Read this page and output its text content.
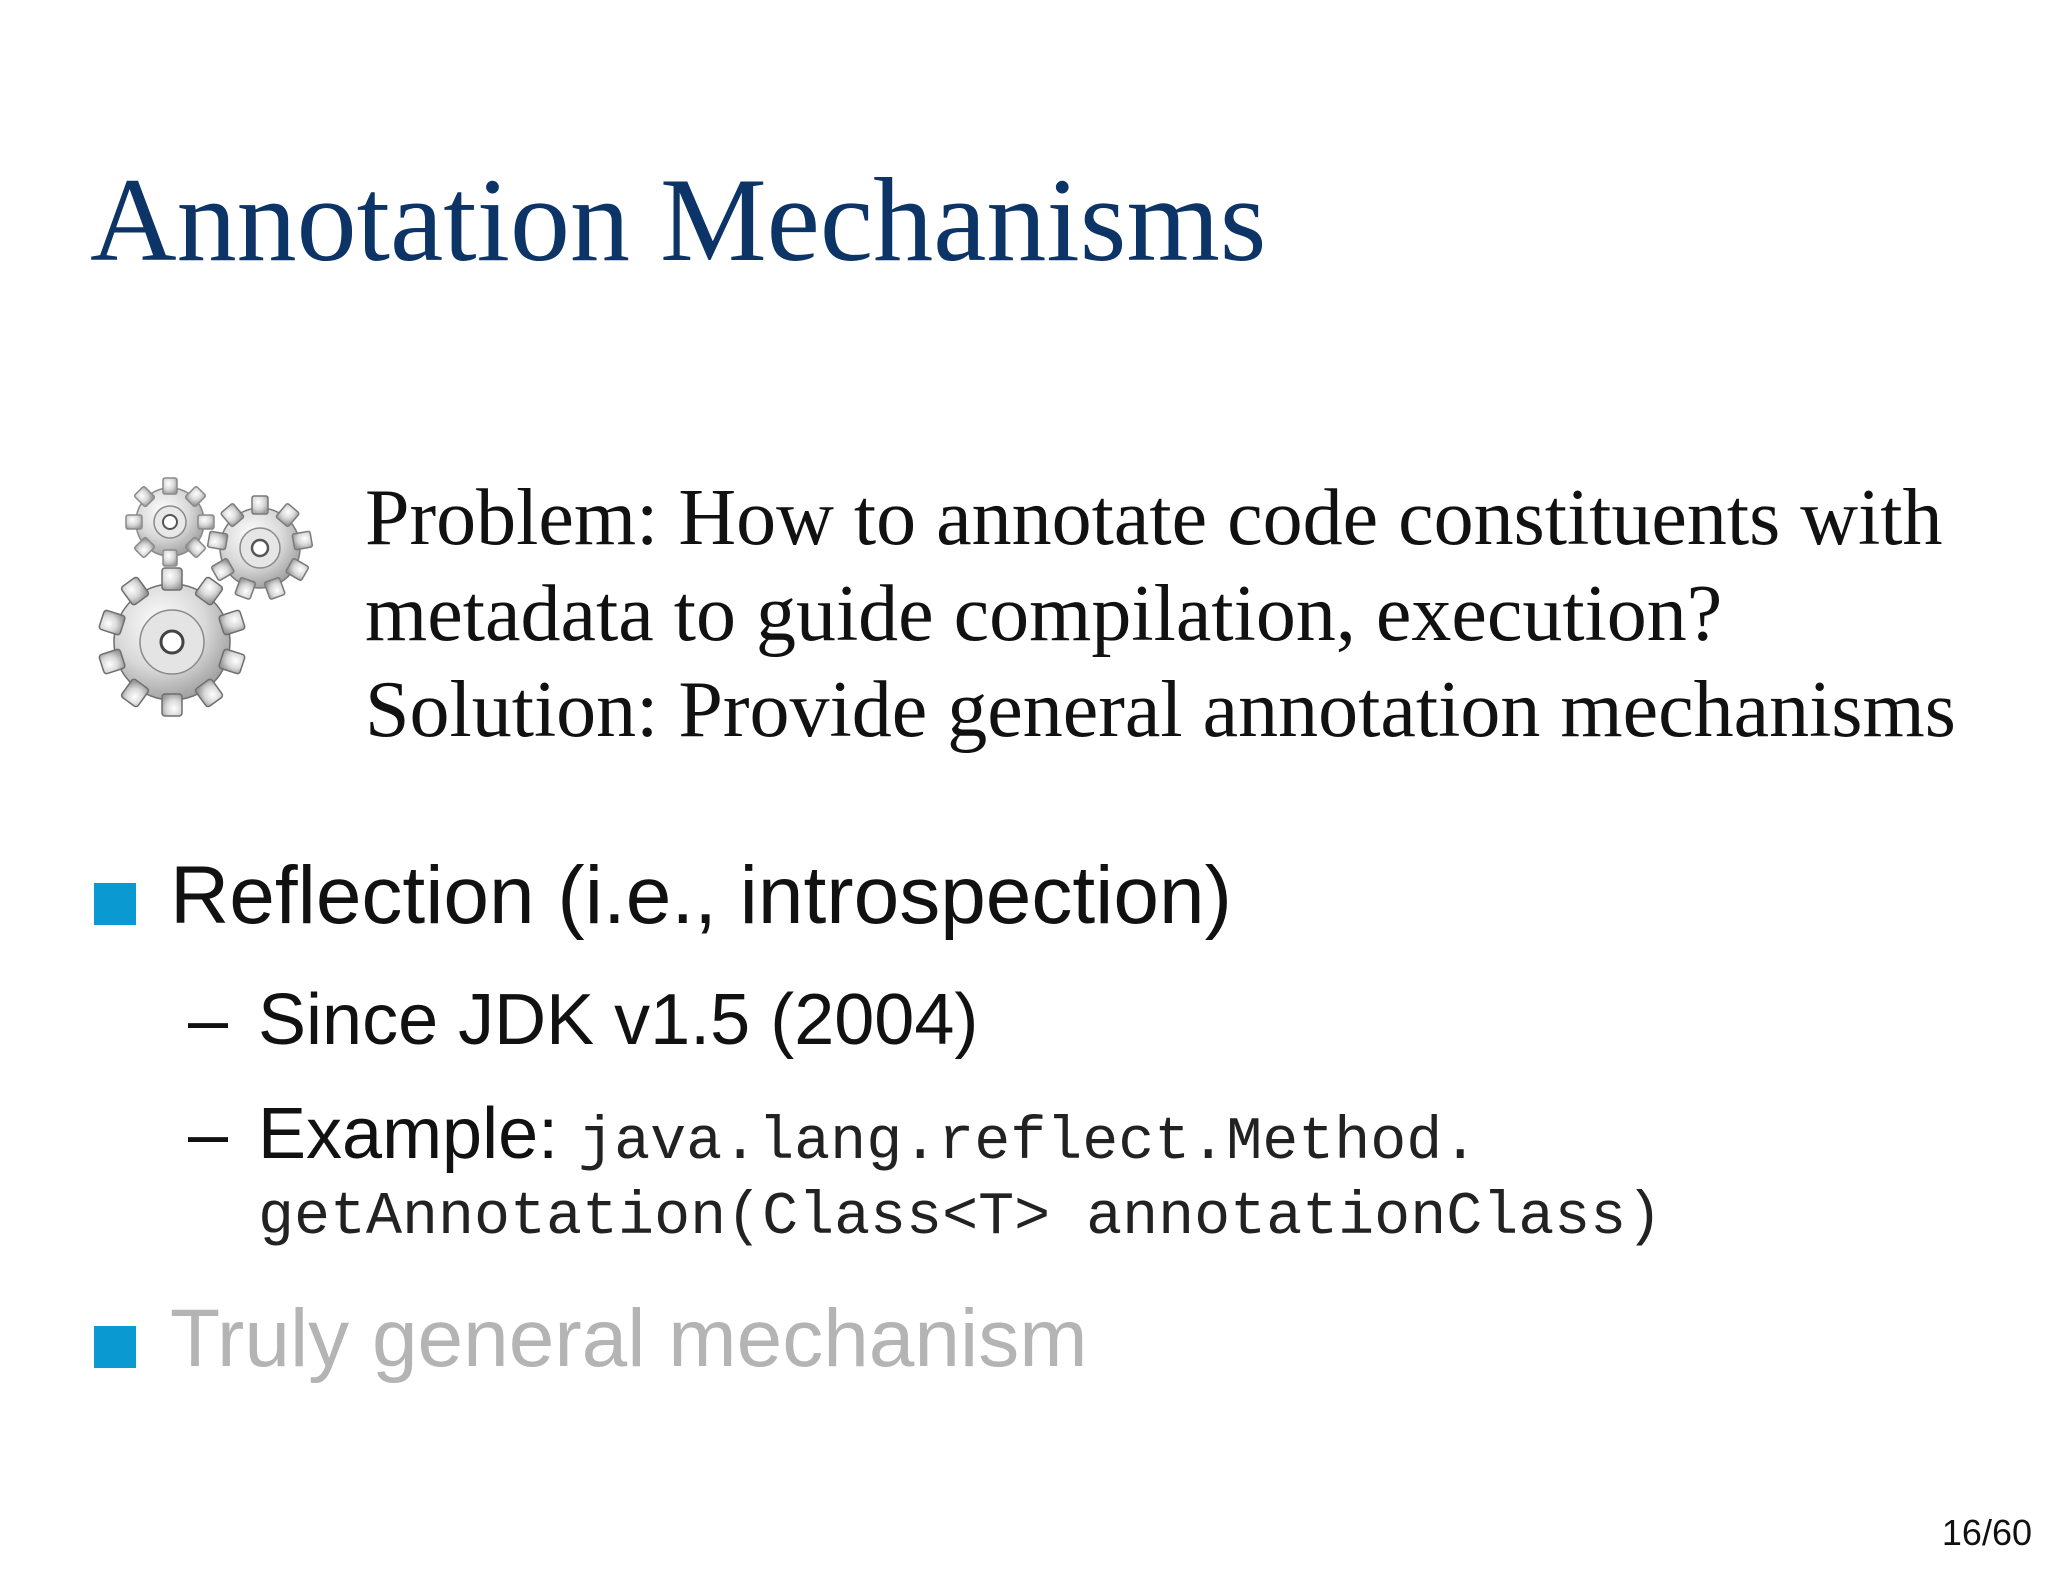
Annotation Mechanisms
Problem: How to annotate code constituents with
metadata to guide compilation, execution?
Solution: Provide general annotation mechanisms
Reflection (i.e., introspection)
– Since JDK v1.5 (2004)
– Example: java.lang.reflect.Method.
getAnnotation(Class<T> annotationClass)
Truly general mechanism
16/60
